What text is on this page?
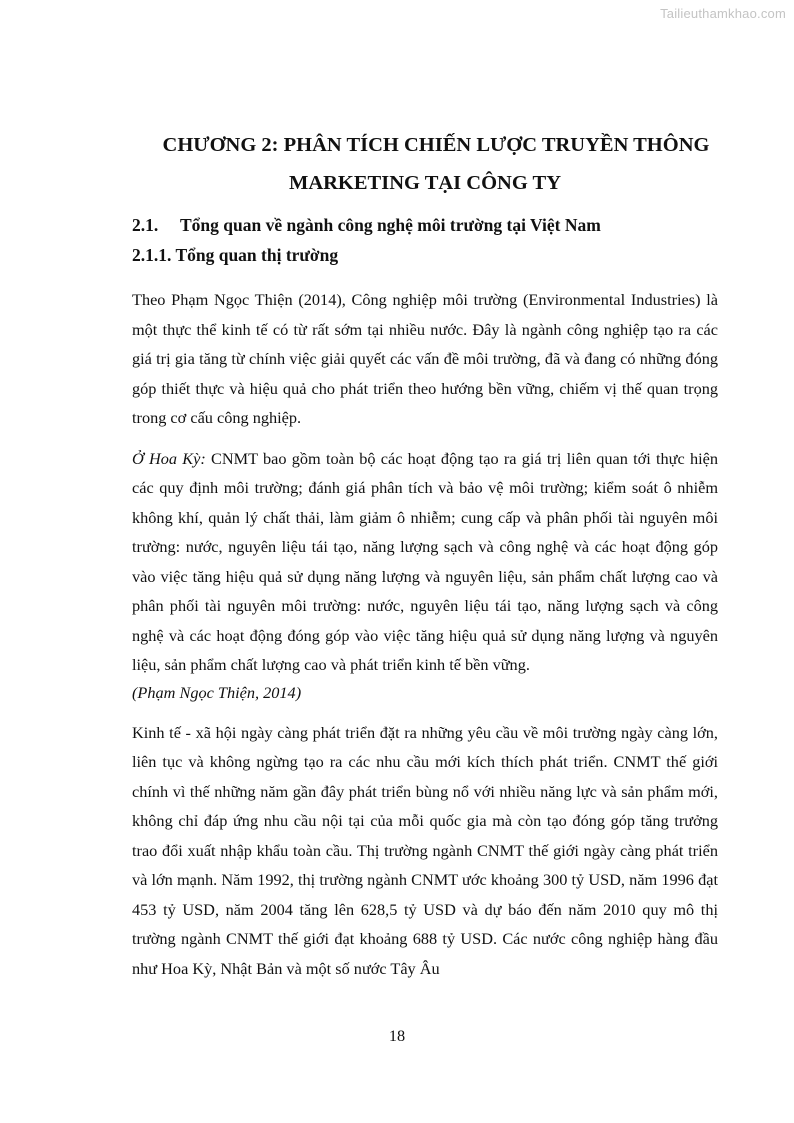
Tailieuthamkhao.com
CHƯƠNG 2: PHÂN TÍCH CHIẾN LƯỢC TRUYỀN THÔNG
MARKETING TẠI CÔNG TY
2.1. Tổng quan về ngành công nghệ môi trường tại Việt Nam
2.1.1. Tổng quan thị trường

Theo Phạm Ngọc Thiện (2014), Công nghiệp môi trường (Environmental Industries) là một thực thể kinh tế có từ rất sớm tại nhiều nước. Đây là ngành công nghiệp tạo ra các giá trị gia tăng từ chính việc giải quyết các vấn đề môi trường, đã và đang có những đóng góp thiết thực và hiệu quả cho phát triển theo hướng bền vững, chiếm vị thế quan trọng trong cơ cấu công nghiệp.

Ở Hoa Kỳ: CNMT bao gồm toàn bộ các hoạt động tạo ra giá trị liên quan tới thực hiện các quy định môi trường; đánh giá phân tích và bảo vệ môi trường; kiểm soát ô nhiễm không khí, quản lý chất thải, làm giảm ô nhiễm; cung cấp và phân phối tài nguyên môi trường: nước, nguyên liệu tái tạo, năng lượng sạch và công nghệ và các hoạt động góp vào việc tăng hiệu quả sử dụng năng lượng và nguyên liệu, sản phẩm chất lượng cao và phân phối tài nguyên môi trường: nước, nguyên liệu tái tạo, năng lượng sạch và công nghệ và các hoạt động đóng góp vào việc tăng hiệu quả sử dụng năng lượng và nguyên liệu, sản phẩm chất lượng cao và phát triển kinh tế bền vững.
(Phạm Ngọc Thiện, 2014)

Kinh tế - xã hội ngày càng phát triển đặt ra những yêu cầu về môi trường ngày càng lớn, liên tục và không ngừng tạo ra các nhu cầu mới kích thích phát triển. CNMT thế giới chính vì thế những năm gần đây phát triển bùng nổ với nhiều năng lực và sản phẩm mới, không chỉ đáp ứng nhu cầu nội tại của mỗi quốc gia mà còn tạo đóng góp tăng trưởng trao đổi xuất nhập khẩu toàn cầu. Thị trường ngành CNMT thế giới ngày càng phát triển và lớn mạnh. Năm 1992, thị trường ngành CNMT ước khoảng 300 tỷ USD, năm 1996 đạt 453 tỷ USD, năm 2004 tăng lên 628,5 tỷ USD và dự báo đến năm 2010 quy mô thị trường ngành CNMT thế giới đạt khoảng 688 tỷ USD. Các nước công nghiệp hàng đầu như Hoa Kỳ, Nhật Bản và một số nước Tây Âu

18
